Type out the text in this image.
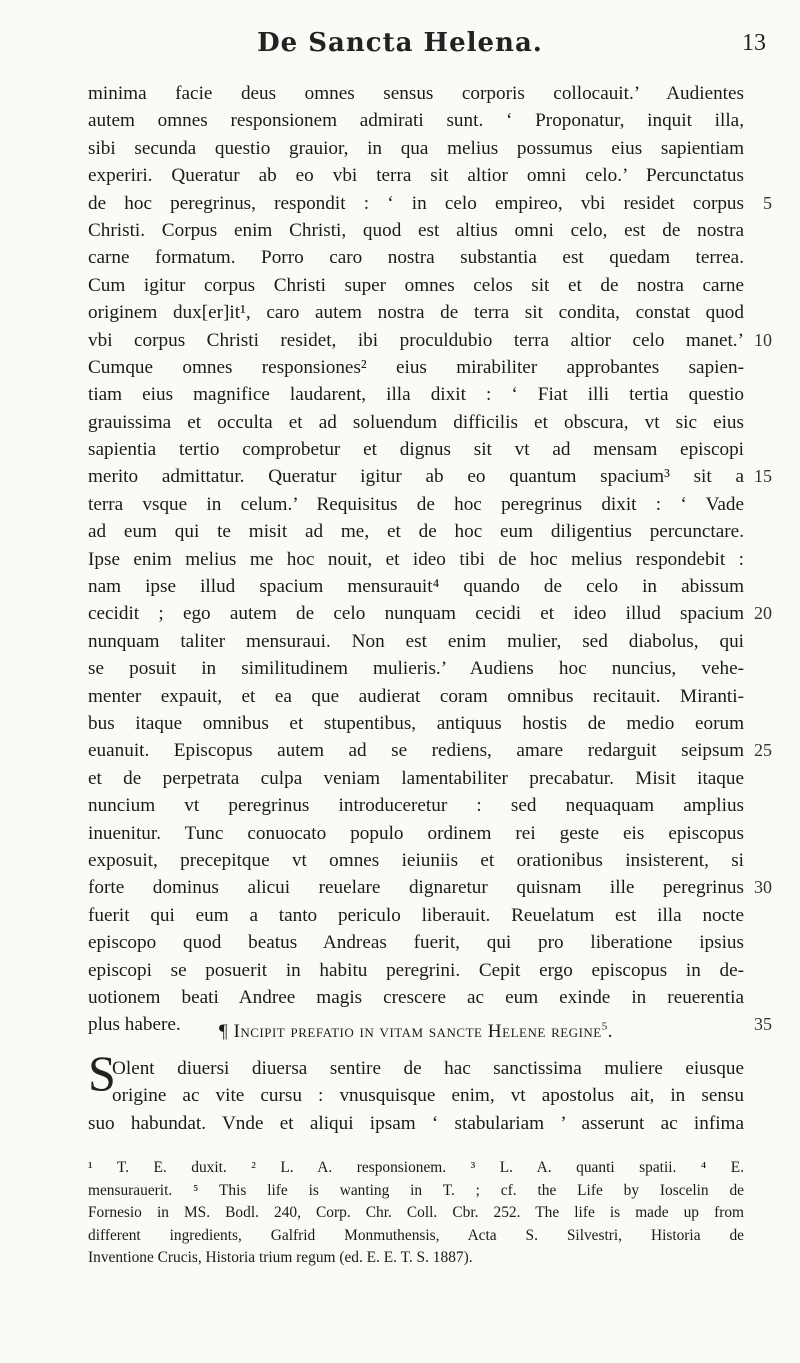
De Sancta Helena.	13
minima facie deus omnes sensus corporis collocauit.’ Audientes
autem omnes responsionem admirati sunt. ‘ Proponatur, inquit illa,
sibi secunda questio grauior, in qua melius possumus eius sapientiam
experiri. Queratur ab eo vbi terra sit altior omni celo.’ Percunctatus
de hoc peregrinus, respondit : ‘ in celo empireo, vbi residet corpus 5
Christi. Corpus enim Christi, quod est altius omni celo, est de nostra
carne formatum. Porro caro nostra substantia est quedam terrea.
Cum igitur corpus Christi super omnes celos sit et de nostra carne
originem dux[er]it¹, caro autem nostra de terra sit condita, constat quod
vbi corpus Christi residet, ibi proculdubio terra altior celo manet.’ 10
Cumque omnes responsiones² eius mirabiliter approbantes sapien-
tiam eius magnifice laudarent, illa dixit : ‘ Fiat illi tertia questio
grauissima et occulta et ad soluendum difficilis et obscura, vt sic eius
sapientia tertio comprobetur et dignus sit vt ad mensam episcopi
merito admittatur. Queratur igitur ab eo quantum spacium³ sit a 15
terra vsque in celum.’ Requisitus de hoc peregrinus dixit : ‘ Vade
ad eum qui te misit ad me, et de hoc eum diligentius percunctare.
Ipse enim melius me hoc nouit, et ideo tibi de hoc melius respondebit :
nam ipse illud spacium mensurauit⁴ quando de celo in abissum
cecidit ; ego autem de celo nunquam cecidi et ideo illud spacium 20
nunquam taliter mensuraui. Non est enim mulier, sed diabolus, qui
se posuit in similitudinem mulieris.’ Audiens hoc nuncius, vehe-
menter expauit, et ea que audierat coram omnibus recitauit. Miranti-
bus itaque omnibus et stupentibus, antiquus hostis de medio eorum
euanuit. Episcopus autem ad se rediens, amare redarguit seipsum 25
et de perpetrata culpa veniam lamentabiliter precabatur. Misit itaque
nuncium vt peregrinus introduceretur : sed nequaquam amplius
inuenitur. Tunc conuocato populo ordinem rei geste eis episcopus
exposuit, precepitque vt omnes ieiuniis et orationibus insisterent, si
forte dominus alicui reuelare dignaretur quisnam ille peregrinus 30
fuerit qui eum a tanto periculo liberauit. Reuelatum est illa nocte
episcopo quod beatus Andreas fuerit, qui pro liberatione ipsius
episcopi se posuerit in habitu peregrini. Cepit ergo episcopus in de-
uotionem beati Andree magis crescere ac eum exinde in reuerentia
plus habere.	35
¶ Incipit prefatio in vitam sancte Helene regine$^5$.
S
Olent diuersi diuersa sentire de hac sanctissima muliere eiusque
origine ac vite cursu : vnusquisque enim, vt apostolus ait, in sensu
suo habundat. Vnde et aliqui ipsam ‘ stabulariam ’ asserunt ac infima
¹ T. E. duxit. ² L. A. responsionem. ³ L. A. quanti spatii. ⁴ E.
mensurauerit. ⁵ This life is wanting in T. ; cf. the Life by Ioscelin de
Fornesio in MS. Bodl. 240, Corp. Chr. Coll. Cbr. 252. The life is made up from
different ingredients, Galfrid Monmuthensis, Acta S. Silvestri, Historia de
Inventione Crucis, Historia trium regum (ed. E. E. T. S. 1887).
